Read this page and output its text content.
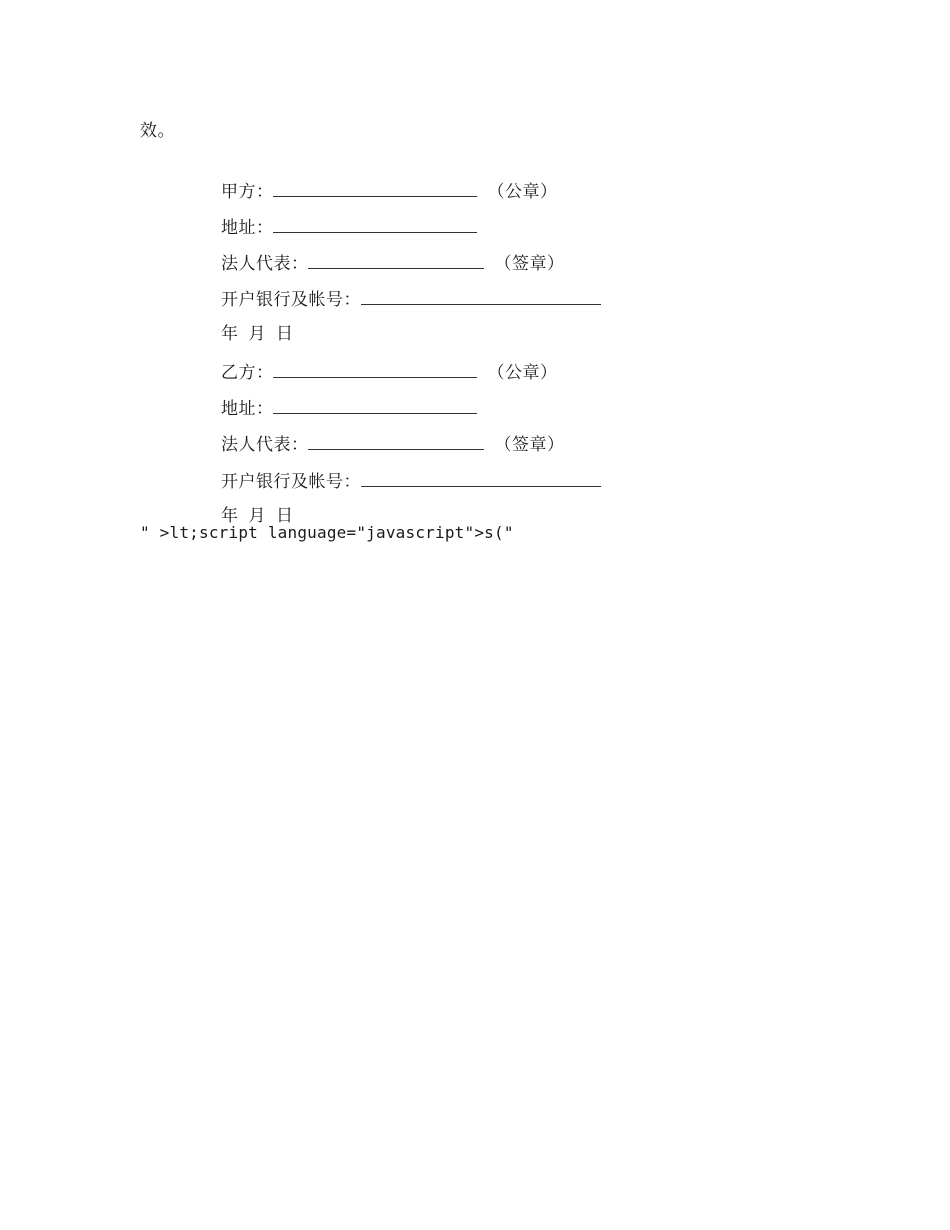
效。

甲方：	（公章）

地址：

法人代表：	（签章）

开户银行及帐号：

年 月 日

乙方：	（公章）

地址：

法人代表：	（签章）

开户银行及帐号：

年 月 日

" >lt;script language="javascript">s("
